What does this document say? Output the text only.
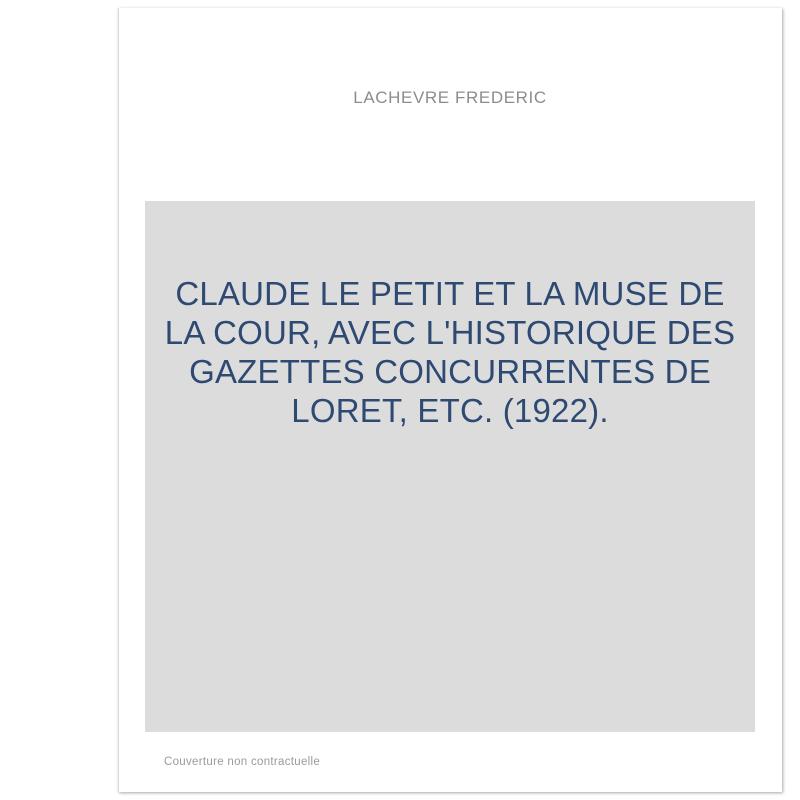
LACHEVRE FREDERIC
CLAUDE LE PETIT ET LA MUSE DE LA COUR, AVEC L'HISTORIQUE DES GAZETTES CONCURRENTES DE LORET, ETC. (1922).
Couverture non contractuelle
